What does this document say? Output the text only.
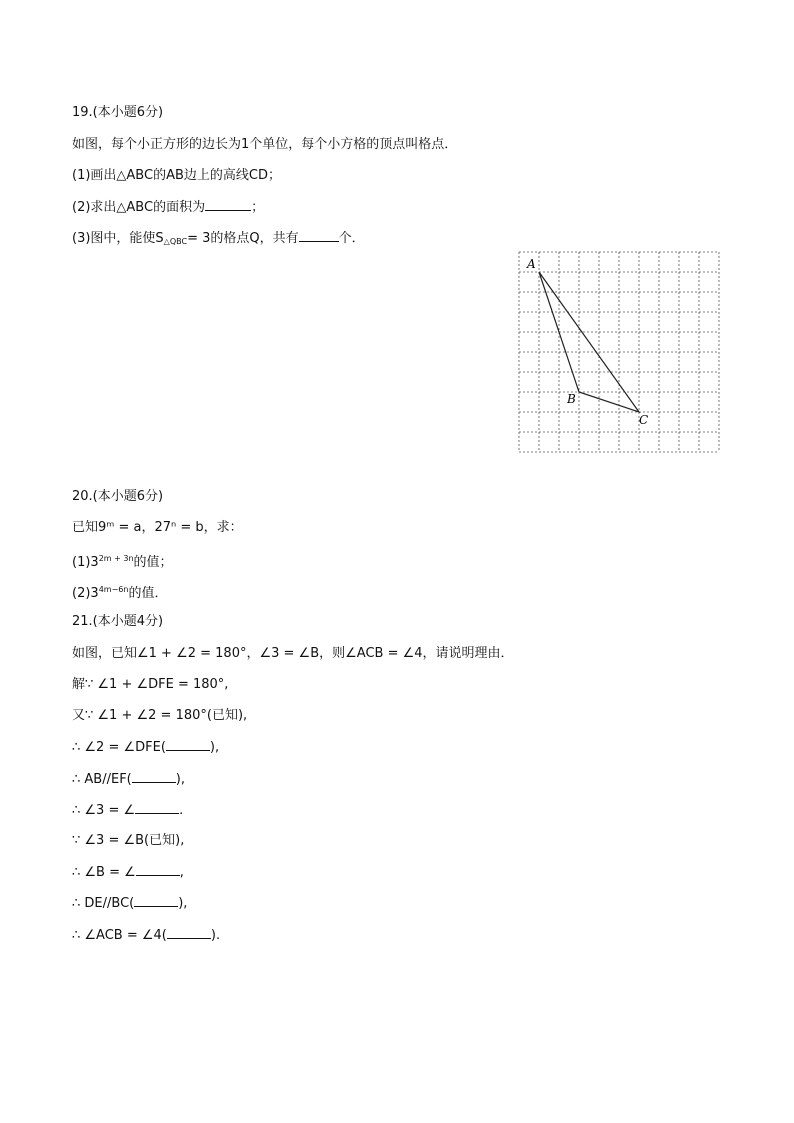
19.(本小题6分)
如图，每个小正方形的边长为1个单位，每个小方格的顶点叫格点．
(1)画出△ABC的AB边上的高线CD；
(2)求出△ABC的面积为	；
(3)图中，能使$S_{\triangle QBC}= 3$的格点Q，共有	个．
A
B
C
20.(本小题6分)
已知9ᵐ = a，27ⁿ = b，求：
$(1)3^{2m + 3n}$的值；
$(2)3^{4m-6n}$的值．
21.(本小题4分)
如图，已知∠1 + ∠2 = 180°，∠3 = ∠B，则∠ACB = ∠4，请说明理由．
解∵ ∠1 + ∠DFE = 180°,
又∵ ∠1 + ∠2 = 180°(已知),
∴ ∠2 = ∠DFE(	),
∴ AB//EF(	),
∴ ∠3 = ∠	.
∵ ∠3 = ∠B(已知),
∴ ∠B = ∠	,
∴ DE//BC(	),
∴ ∠ACB = ∠4(	).
